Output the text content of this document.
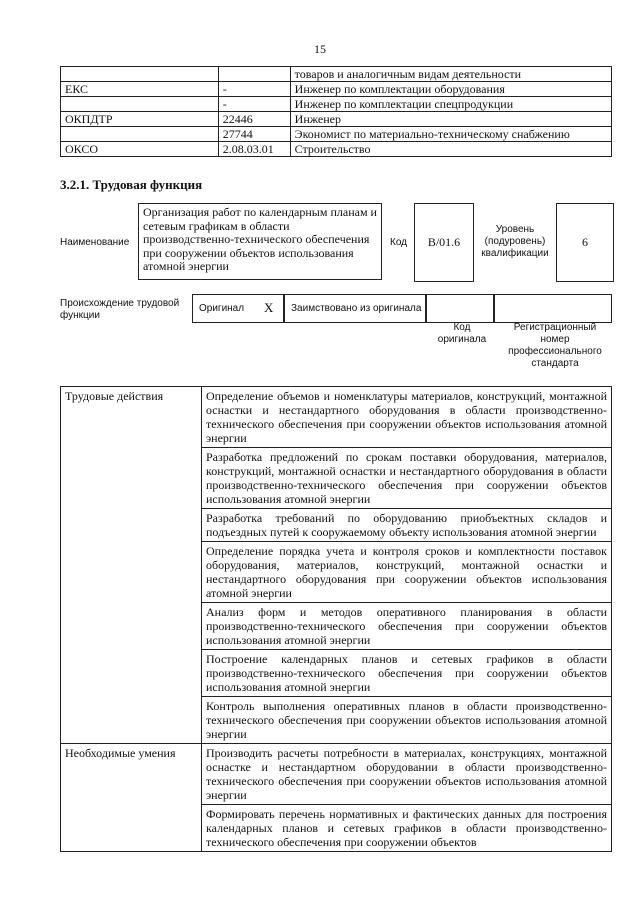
15
		товаров и аналогичным видам деятельности
ЕКС	-	Инженер по комплектации оборудования
	-	Инженер по комплектации спецпродукции
ОКПДТР	22446	Инженер
	27744	Экономист по материально-техническому снабжению
ОКСО	2.08.03.01	Строительство
3.2.1. Трудовая функция
Наименование
Организация работ по календарным планам и сетевым графикам в области производственно-технического обеспечения при сооружении объектов использования атомной энергии
Код	В/01.6
Уровень (подуровень) квалификации
6
Происхождение трудовой функции
Оригинал X Заимствовано из оригинала
Код оригинала
Регистрационный номер профессионального стандарта
Трудовые действия	Определение объемов и номенклатуры материалов, конструкций, монтажной оснастки и нестандартного оборудования в области производственно-технического обеспечения при сооружении объектов использования атомной энергии
	Разработка предложений по срокам поставки оборудования, материалов, конструкций, монтажной оснастки и нестандартного оборудования в области производственно-технического обеспечения при сооружении объектов использования атомной энергии
	Разработка требований по оборудованию приобъектных складов и подъездных путей к сооружаемому объекту использования атомной энергии
	Определение порядка учета и контроля сроков и комплектности поставок оборудования, материалов, конструкций, монтажной оснастки и нестандартного оборудования при сооружении объектов использования атомной энергии
	Анализ форм и методов оперативного планирования в области производственно-технического обеспечения при сооружении объектов использования атомной энергии
	Построение календарных планов и сетевых графиков в области производственно-технического обеспечения при сооружении объектов использования атомной энергии
	Контроль выполнения оперативных планов в области производственно-технического обеспечения при сооружении объектов использования атомной энергии
Необходимые умения	Производить расчеты потребности в материалах, конструкциях, монтажной оснастке и нестандартном оборудовании в области производственно-технического обеспечения при сооружении объектов использования атомной энергии
	Формировать перечень нормативных и фактических данных для построения календарных планов и сетевых графиков в области производственно-технического обеспечения при сооружении объектов
